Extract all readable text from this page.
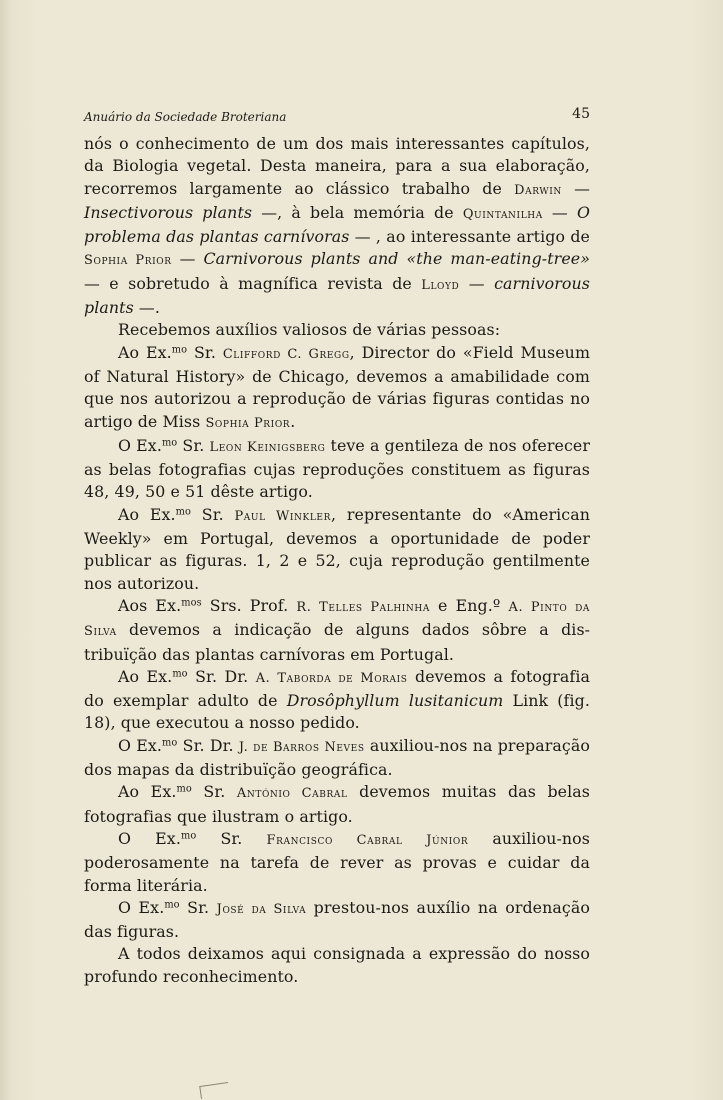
Anuário da Sociedade Broteriana	45

nós o conhecimento de um dos mais interessantes capítulos, da Biologia vegetal. Desta maneira, para a sua elaboração, recorremos largamente ao clássico trabalho de Darwin — Insectivorous plants —, à bela memória de Quintanilha — O problema das plantas carnívoras — , ao interessante artigo de Sophia Prior — Carnivorous plants and «the man-eating-tree» — e sobretudo à magnífica revista de Lloyd — carnivorous plants —.

Recebemos auxílios valiosos de várias pessoas:

Ao Ex.$^{mo}$ Sr. Clifford C. Gregg, Director do «Field Museum of Natural History» de Chicago, devemos a amabilidade com que nos autorizou a reprodução de várias figuras contidas no artigo de Miss Sophia Prior.

O Ex.$^{mo}$ Sr. Leon Keinigsberg teve a gentileza de nos oferecer as belas fotografias cujas reproduções constituem as figuras 48, 49, 50 e 51 dêste artigo.

Ao Ex.$^{mo}$ Sr. Paul Winkler, representante do «American Weekly» em Portugal, devemos a oportunidade de poder publicar as figuras. 1, 2 e 52, cuja reprodução gentilmente nos autorizou.

Aos Ex.$^{mos}$ Srs. Prof. R. Telles Palhinha e Eng.º A. Pinto da Silva devemos a indicação de alguns dados sôbre a distribuïção das plantas carnívoras em Portugal.

Ao Ex.$^{mo}$ Sr. Dr. A. Taborda de Morais devemos a fotografia do exemplar adulto de Drosôphyllum lusitanicum Link (fig. 18), que executou a nosso pedido.

O Ex.$^{mo}$ Sr. Dr. J. de Barros Neves auxiliou-nos na preparação dos mapas da distribuïção geográfica.

Ao Ex.$^{mo}$ Sr. António Cabral devemos muitas das belas fotografias que ilustram o artigo.

O Ex.$^{mo}$ Sr. Francisco Cabral Júnior auxiliou-nos poderosamente na tarefa de rever as provas e cuidar da forma literária.

O Ex.$^{mo}$ Sr. José da Silva prestou-nos auxílio na ordenação das figuras.

A todos deixamos aqui consignada a expressão do nosso profundo reconhecimento.
